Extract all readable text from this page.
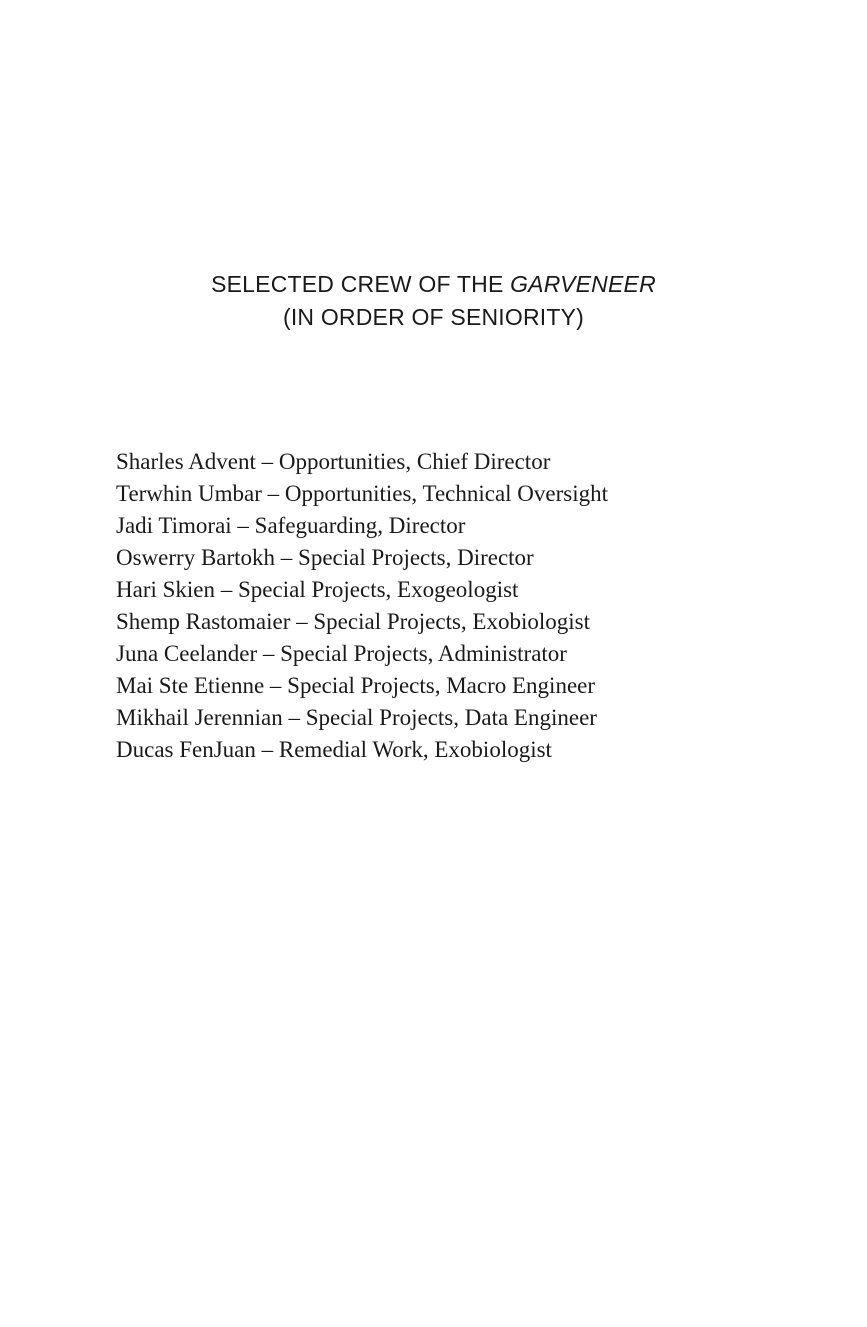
SELECTED CREW OF THE GARVENEER
(IN ORDER OF SENIORITY)
Sharles Advent – Opportunities, Chief Director
Terwhin Umbar – Opportunities, Technical Oversight
Jadi Timorai – Safeguarding, Director
Oswerry Bartokh – Special Projects, Director
Hari Skien – Special Projects, Exogeologist
Shemp Rastomaier – Special Projects, Exobiologist
Juna Ceelander – Special Projects, Administrator
Mai Ste Etienne – Special Projects, Macro Engineer
Mikhail Jerennian – Special Projects, Data Engineer
Ducas FenJuan – Remedial Work, Exobiologist
